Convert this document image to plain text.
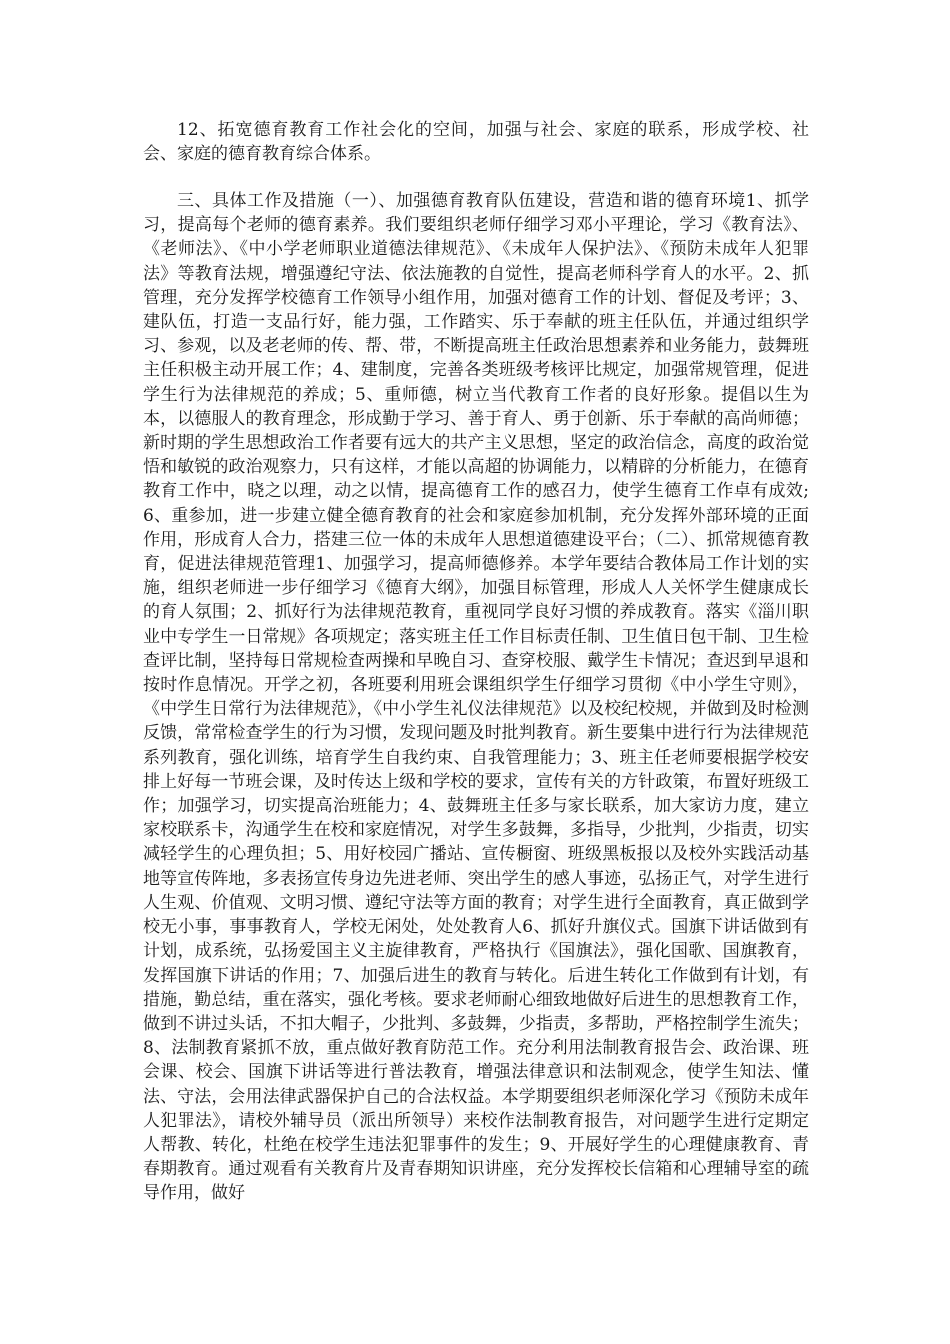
12、拓宽德育教育工作社会化的空间，加强与社会、家庭的联系，形成学校、社会、家庭的德育教育综合体系。

三、具体工作及措施（一）、加强德育教育队伍建设，营造和谐的德育环境1、抓学习，提高每个老师的德育素养。我们要组织老师仔细学习邓小平理论，学习《教育法》、《老师法》、《中小学老师职业道德法律规范》、《未成年人保护法》、《预防未成年人犯罪法》等教育法规，增强遵纪守法、依法施教的自觉性，提高老师科学育人的水平。2、抓管理，充分发挥学校德育工作领导小组作用，加强对德育工作的计划、督促及考评；3、建队伍，打造一支品行好，能力强，工作踏实、乐于奉献的班主任队伍，并通过组织学习、参观，以及老老师的传、帮、带，不断提高班主任政治思想素养和业务能力，鼓舞班主任积极主动开展工作；4、建制度，完善各类班级考核评比规定，加强常规管理，促进学生行为法律规范的养成；5、重师德，树立当代教育工作者的良好形象。提倡以生为本，以德服人的教育理念，形成勤于学习、善于育人、勇于创新、乐于奉献的高尚师德；新时期的学生思想政治工作者要有远大的共产主义思想，坚定的政治信念，高度的政治觉悟和敏锐的政治观察力，只有这样，才能以高超的协调能力，以精辟的分析能力，在德育教育工作中，晓之以理，动之以情，提高德育工作的感召力，使学生德育工作卓有成效;6、重参加，进一步建立健全德育教育的社会和家庭参加机制，充分发挥外部环境的正面作用，形成育人合力，搭建三位一体的未成年人思想道德建设平台；（二）、抓常规德育教育，促进法律规范管理1、加强学习，提高师德修养。本学年要结合教体局工作计划的实施，组织老师进一步仔细学习《德育大纲》，加强目标管理，形成人人关怀学生健康成长的育人氛围；2、抓好行为法律规范教育，重视同学良好习惯的养成教育。落实《淄川职业中专学生一日常规》各项规定；落实班主任工作目标责任制、卫生值日包干制、卫生检查评比制，坚持每日常规检查两操和早晚自习、查穿校服、戴学生卡情况；查迟到早退和按时作息情况。开学之初，各班要利用班会课组织学生仔细学习贯彻《中小学生守则》，《中学生日常行为法律规范》，《中小学生礼仪法律规范》以及校纪校规，并做到及时检测反馈，常常检查学生的行为习惯，发现问题及时批判教育。新生要集中进行行为法律规范系列教育，强化训练，培育学生自我约束、自我管理能力；3、班主任老师要根据学校安排上好每一节班会课，及时传达上级和学校的要求，宣传有关的方针政策，布置好班级工作；加强学习，切实提高治班能力；4、鼓舞班主任多与家长联系，加大家访力度，建立家校联系卡，沟通学生在校和家庭情况，对学生多鼓舞，多指导，少批判，少指责，切实减轻学生的心理负担；5、用好校园广播站、宣传橱窗、班级黑板报以及校外实践活动基地等宣传阵地，多表扬宣传身边先进老师、突出学生的感人事迹，弘扬正气，对学生进行人生观、价值观、文明习惯、遵纪守法等方面的教育；对学生进行全面教育，真正做到学校无小事，事事教育人，学校无闲处，处处教育人6、抓好升旗仪式。国旗下讲话做到有计划，成系统，弘扬爱国主义主旋律教育，严格执行《国旗法》，强化国歌、国旗教育，发挥国旗下讲话的作用；7、加强后进生的教育与转化。后进生转化工作做到有计划，有措施，勤总结，重在落实，强化考核。要求老师耐心细致地做好后进生的思想教育工作，做到不讲过头话，不扣大帽子，少批判、多鼓舞，少指责，多帮助，严格控制学生流失；8、法制教育紧抓不放，重点做好教育防范工作。充分利用法制教育报告会、政治课、班会课、校会、国旗下讲话等进行普法教育，增强法律意识和法制观念，使学生知法、懂法、守法，会用法律武器保护自己的合法权益。本学期要组织老师深化学习《预防未成年人犯罪法》，请校外辅导员（派出所领导）来校作法制教育报告，对问题学生进行定期定人帮教、转化，杜绝在校学生违法犯罪事件的发生；9、开展好学生的心理健康教育、青春期教育。通过观看有关教育片及青春期知识讲座，充分发挥校长信箱和心理辅导室的疏导作用，做好
